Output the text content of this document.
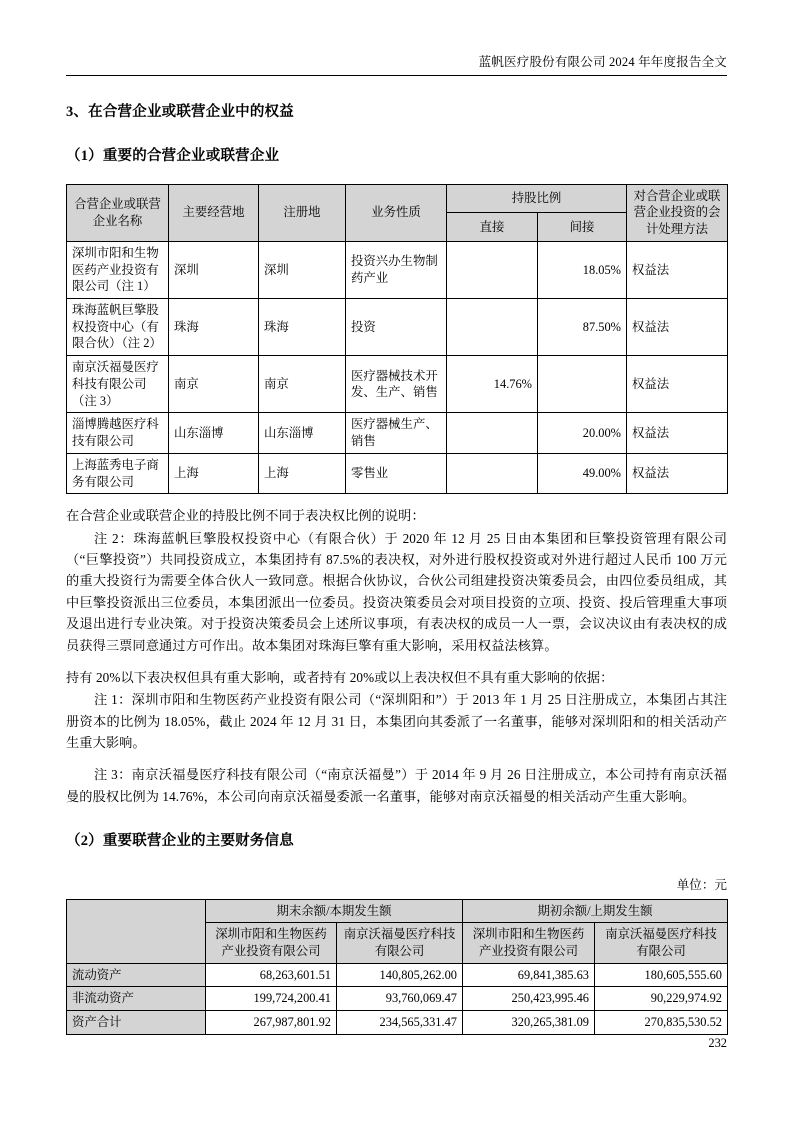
蓝帆医疗股份有限公司 2024 年年度报告全文
3、在合营企业或联营企业中的权益
（1）重要的合营企业或联营企业
合营企业或联营企业名称	主要经营地	注册地	业务性质	持股比例		对合营企业或联营企业投资的会计处理方法
				直接	间接	
深圳市阳和生物医药产业投资有限公司（注 1）	深圳	深圳	投资兴办生物制药产业		18.05%	权益法
珠海蓝帆巨擎股权投资中心（有限合伙）（注 2）	珠海	珠海	投资		87.50%	权益法
南京沃福曼医疗科技有限公司（注 3）	南京	南京	医疗器械技术开发、生产、销售	14.76%		权益法
淄博腾越医疗科技有限公司	山东淄博	山东淄博	医疗器械生产、销售		20.00%	权益法
上海蓝秀电子商务有限公司	上海	上海	零售业		49.00%	权益法

在合营企业或联营企业的持股比例不同于表决权比例的说明：

注 2：珠海蓝帆巨擎股权投资中心（有限合伙）于 2020 年 12 月 25 日由本集团和巨擎投资管理有限公司（“巨擎投资”）共同投资成立，本集团持有 87.5%的表决权，对外进行股权投资或对外进行超过人民币 100 万元的重大投资行为需要全体合伙人一致同意。根据合伙协议，合伙公司组建投资决策委员会，由四位委员组成，其中巨擎投资派出三位委员，本集团派出一位委员。投资决策委员会对项目投资的立项、投资、投后管理重大事项及退出进行专业决策。对于投资决策委员会上述所议事项，有表决权的成员一人一票，会议决议由有表决权的成员获得三票同意通过方可作出。故本集团对珠海巨擎有重大影响，采用权益法核算。

持有 20%以下表决权但具有重大影响，或者持有 20%或以上表决权但不具有重大影响的依据：

注 1：深圳市阳和生物医药产业投资有限公司（“深圳阳和”）于 2013 年 1 月 25 日注册成立，本集团占其注册资本的比例为 18.05%，截止 2024 年 12 月 31 日，本集团向其委派了一名董事，能够对深圳阳和的相关活动产生重大影响。

注 3：南京沃福曼医疗科技有限公司（“南京沃福曼”）于 2014 年 9 月 26 日注册成立，本公司持有南京沃福曼的股权比例为 14.76%，本公司向南京沃福曼委派一名董事，能够对南京沃福曼的相关活动产生重大影响。

（2）重要联营企业的主要财务信息
单位：元
	期末余额/本期发生额		期初余额/上期发生额	
	深圳市阳和生物医药产业投资有限公司	南京沃福曼医疗科技有限公司	深圳市阳和生物医药产业投资有限公司	南京沃福曼医疗科技有限公司
流动资产	68,263,601.51	140,805,262.00	69,841,385.63	180,605,555.60
非流动资产	199,724,200.41	93,760,069.47	250,423,995.46	90,229,974.92
资产合计	267,987,801.92	234,565,331.47	320,265,381.09	270,835,530.52
232
